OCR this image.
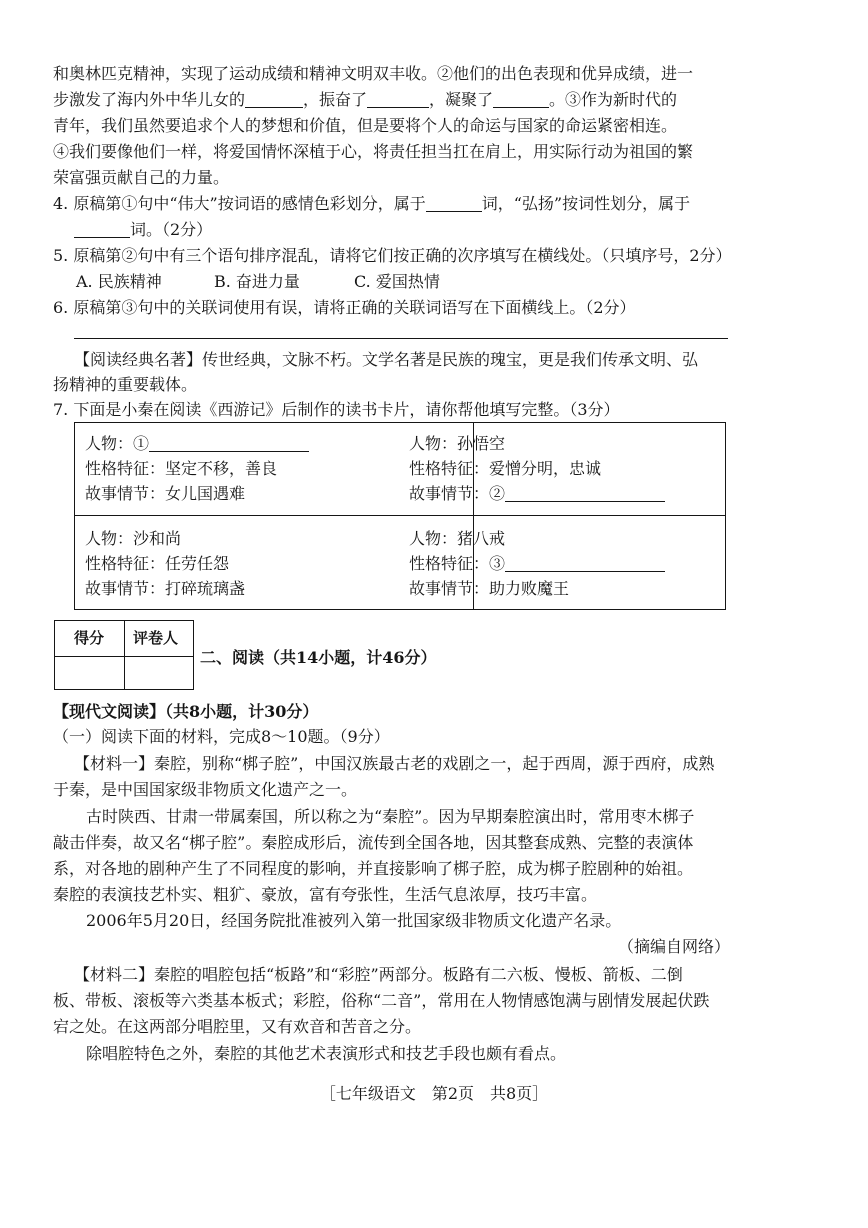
和奥林匹克精神，实现了运动成绩和精神文明双丰收。②他们的出色表现和优异成绩，进一
步激发了海内外中华儿女的	，振奋了	，凝聚了	。③作为新时代的
青年，我们虽然要追求个人的梦想和价值，但是要将个人的命运与国家的命运紧密相连。
④我们要像他们一样，将爱国情怀深植于心，将责任担当扛在肩上，用实际行动为祖国的繁
荣富强贡献自己的力量。
4. 原稿第①句中“伟大”按词语的感情色彩划分，属于	词，“弘扬”按词性划分，属于
词。（2分）
5. 原稿第②句中有三个语句排序混乱，请将它们按正确的次序填写在横线处。（只填序号，2分）
A. 民族精神	B. 奋进力量	C. 爱国热情
6. 原稿第③句中的关联词使用有误，请将正确的关联词语写在下面横线上。（2分）
【阅读经典名著】传世经典，文脉不朽。文学名著是民族的瑰宝，更是我们传承文明、弘
扬精神的重要载体。
7. 下面是小秦在阅读《西游记》后制作的读书卡片，请你帮他填写完整。（3分）
人物：①
性格特征：坚定不移，善良
故事情节：女儿国遇难
人物：孙悟空
性格特征：爱憎分明，忠诚
故事情节：②
人物：沙和尚
性格特征：任劳任怨
故事情节：打碎琉璃盏
人物：猪八戒
性格特征：③
故事情节：助力败魔王
得分 评卷人
二、阅读（共14小题，计46分）
【现代文阅读】（共8小题，计30分）
（一）阅读下面的材料，完成8～10题。（9分）
【材料一】秦腔，别称“梆子腔”，中国汉族最古老的戏剧之一，起于西周，源于西府，成熟
于秦，是中国国家级非物质文化遗产之一。
古时陕西、甘肃一带属秦国，所以称之为“秦腔”。因为早期秦腔演出时，常用枣木梆子
敲击伴奏，故又名“梆子腔”。秦腔成形后，流传到全国各地，因其整套成熟、完整的表演体
系，对各地的剧种产生了不同程度的影响，并直接影响了梆子腔，成为梆子腔剧种的始祖。
秦腔的表演技艺朴实、粗犷、豪放，富有夸张性，生活气息浓厚，技巧丰富。
2006年5月20日，经国务院批准被列入第一批国家级非物质文化遗产名录。
（摘编自网络）
【材料二】秦腔的唱腔包括“板路”和“彩腔”两部分。板路有二六板、慢板、箭板、二倒
板、带板、滚板等六类基本板式；彩腔，俗称“二音”，常用在人物情感饱满与剧情发展起伏跌
宕之处。在这两部分唱腔里，又有欢音和苦音之分。
除唱腔特色之外，秦腔的其他艺术表演形式和技艺手段也颇有看点。
［七年级语文　第2页　共8页］
